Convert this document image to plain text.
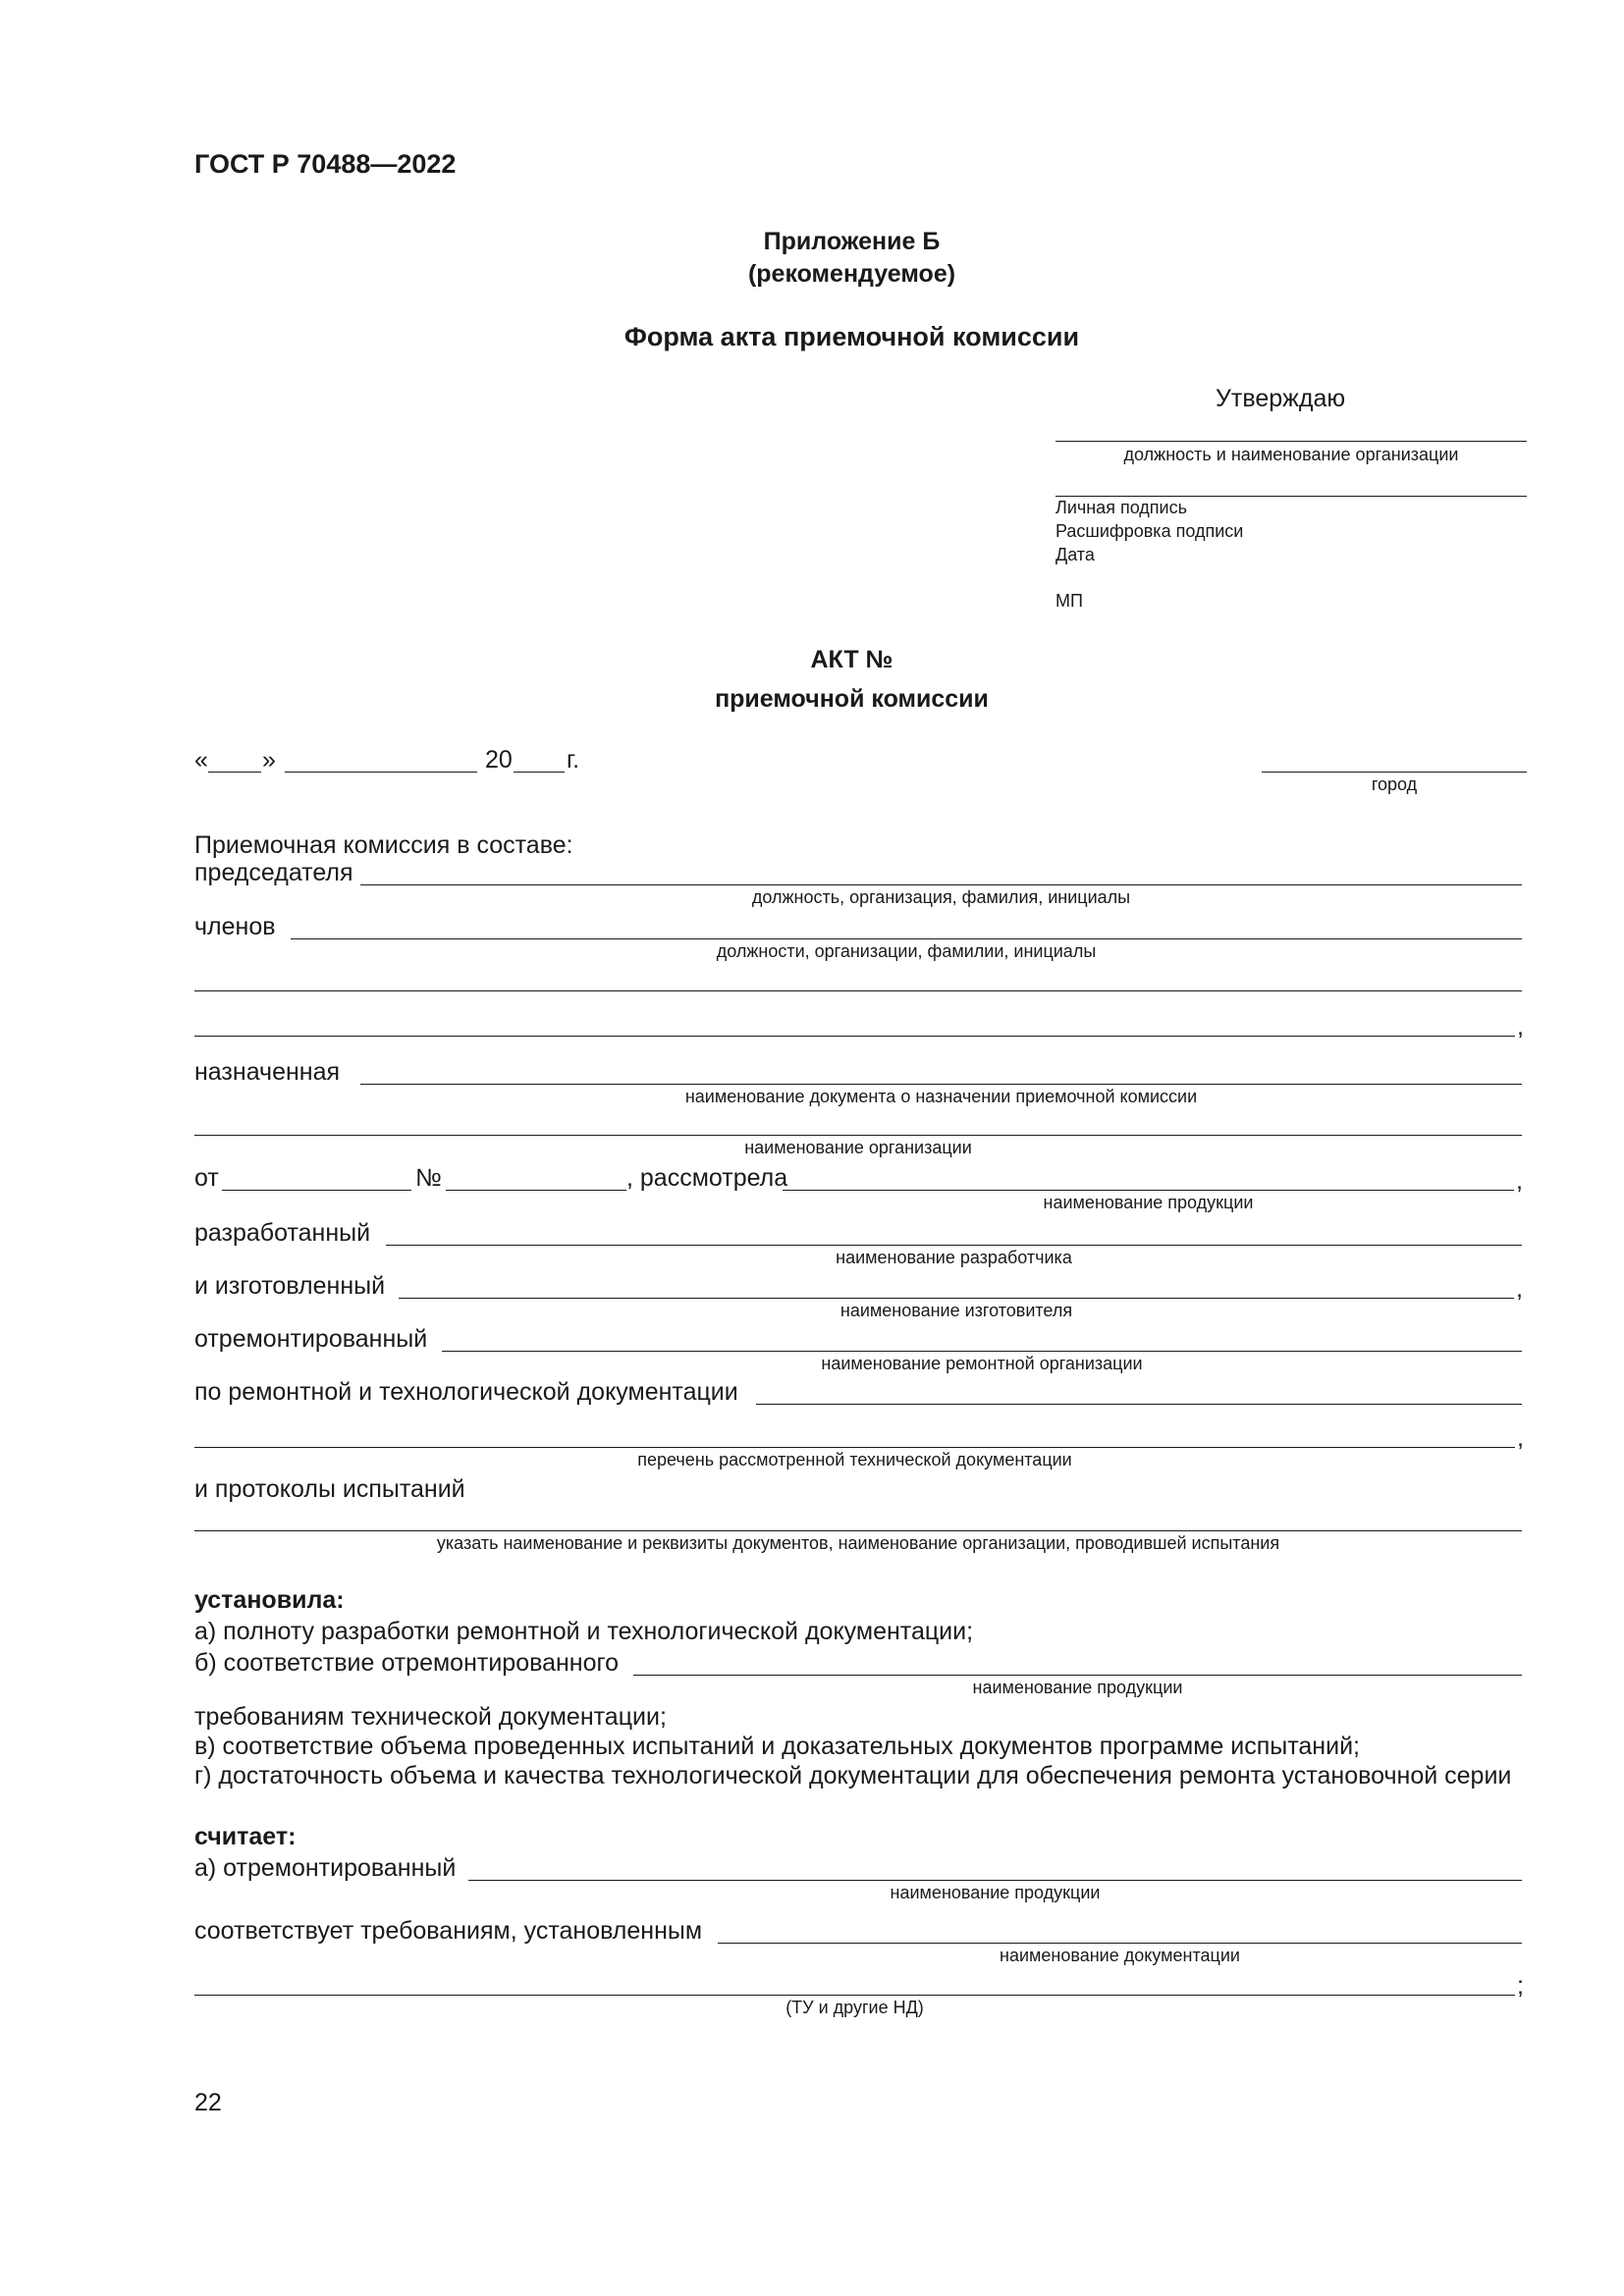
ГОСТ Р 70488—2022
Приложение Б
(рекомендуемое)
Форма акта приемочной комиссии
Утверждаю
должность и наименование организации
Личная подпись
Расшифровка подписи
Дата
МП
АКТ №
приемочной комиссии
« »	20 г.
город
Приемочная комиссия в составе:
председателя
должность, организация, фамилия, инициалы
членов
должности, организации, фамилии, инициалы
,
назначенная
наименование документа о назначении приемочной комиссии
наименование организации
от	№	, рассмотрела	,
наименование продукции
разработанный
наименование разработчика
и изготовленный	,
наименование изготовителя
отремонтированный
наименование ремонтной организации
по ремонтной и технологической документации
,
перечень рассмотренной технической документации
и протоколы испытаний
указать наименование и реквизиты документов, наименование организации, проводившей испытания
установила:
а) полноту разработки ремонтной и технологической документации;
б) соответствие отремонтированного
наименование продукции
требованиям технической документации;
в) соответствие объема проведенных испытаний и доказательных документов программе испытаний;
г) достаточность объема и качества технологической документации для обеспечения ремонта установочной серии
считает:
а) отремонтированный
наименование продукции
соответствует требованиям, установленным
наименование документации
;
(ТУ и другие НД)
22
